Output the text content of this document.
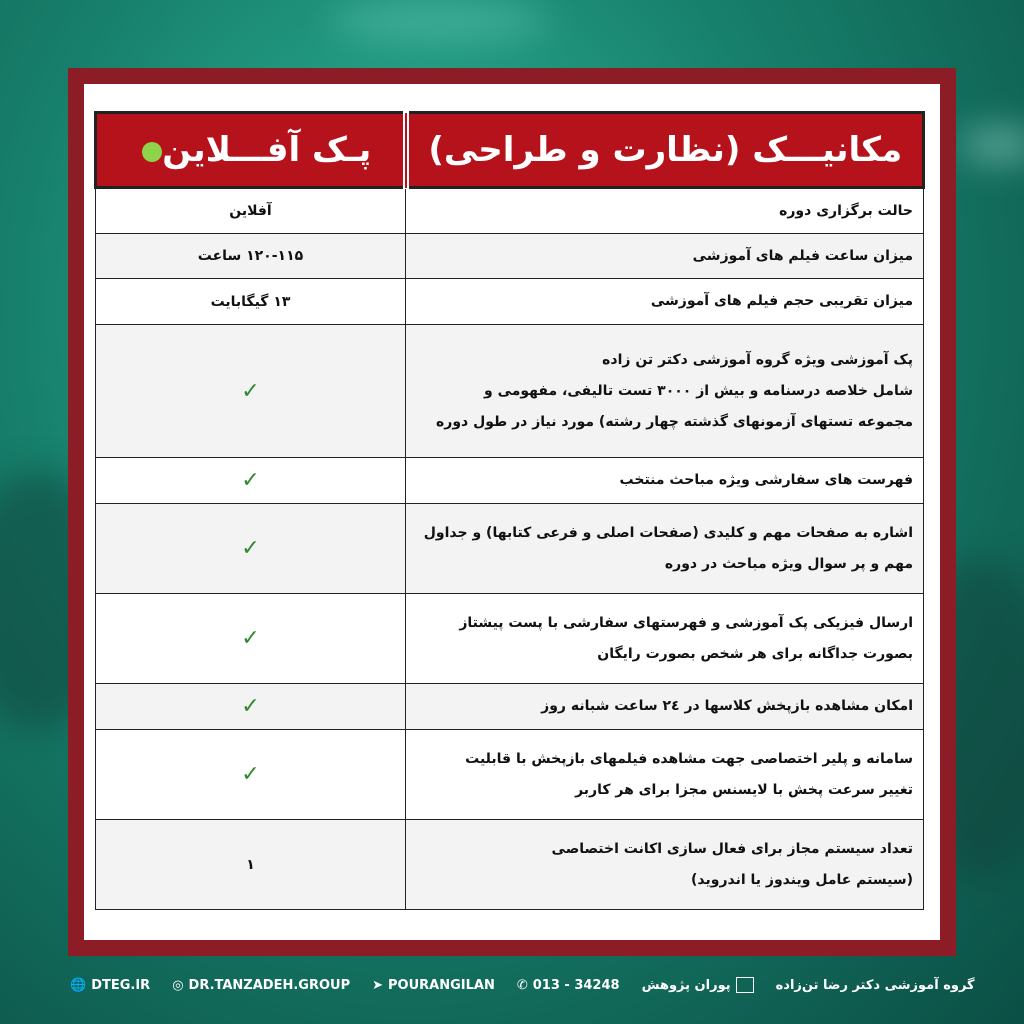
پـک آفـــلاین	مکانیـــک (نظارت و طراحی)
آفلاین	حالت برگزاری دوره

۱۲۰-۱۱۵ ساعت	میزان ساعت فیلم های آموزشی

۱۳ گیگابایت	میزان تقریبی حجم فیلم های آموزشی

✓	پک آموزشی ویژه گروه آموزشی دکتر تن زاده
شامل خلاصه درسنامه و بیش از ۳۰۰۰ تست تالیفی، مفهومی و
مجموعه تستهای آزمونهای گذشته چهار رشته) مورد نیاز در طول دوره

✓	فهرست های سفارشی ویژه مباحث منتخب

✓	اشاره به صفحات مهم و کلیدی (صفحات اصلی و فرعی کتابها) و جداول
مهم و پر سوال ویژه مباحث در دوره

✓	ارسال فیزیکی پک آموزشی و فهرستهای سفارشی با پست پیشتاز
بصورت جداگانه برای هر شخص بصورت رایگان

✓	امکان مشاهده بازپخش کلاسها در ۲٤ ساعت شبانه روز

✓	سامانه و پلیر اختصاصی جهت مشاهده فیلمهای بازپخش با قابلیت
تغییر سرعت پخش با لایسنس مجزا برای هر کاربر

۱	تعداد سیستم مجاز برای فعال سازی اکانت اختصاصی
(سیستم عامل ویندوز یا اندروید)
🌐 DTEG.IR ◎ DR.TANZADEH.GROUP ➤ POURANGILAN ✆ 013 - 34248 پوران پژوهش	گروه آموزشی دکتر رضا تن‌زاده
